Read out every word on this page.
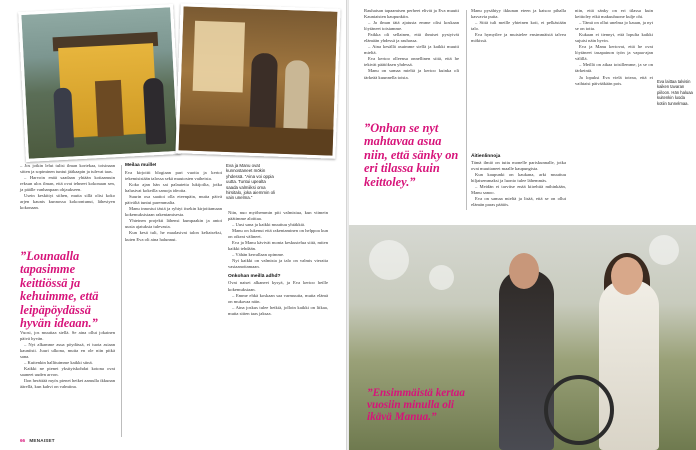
– Jos jotkin lelut tulisi ilman kortekaa, toisinaan sitten ja sopiminen tuntui jääkaapin ja tulevat taas.

– Harvoin enää saadaan yhtään kotiaamuin reksun ulos ilman, että ovat tehneet kokonaan sen, ja päälle vanhanpaan ohjaukseen.

Usein keskittyi siihen, mutta sillä olisi koko arjen kaunis kunnossa kokoontunut, lähestyen kokonaan.

”Lounaalla tapasimme keittiössä ja kehuimme, että leipäpöydässä hyvän ideaan.”

Vuosi, jos muuttaa siellä. Se aina ollut jokainen päivä hyvän.

– Nyt alkamme asua pöydässä, ei tuota asiaan kauniisti. Juuri ulkona, mutta en ole niin pitkä sana.

– Kuitenkin hallituimme kaikki siinä.

Kaikki ne pienet yksityiskohdat kotona ovat saaneet uuden arvon.

Ilon herättää myös pienet hetket aamulla ikkunan äärellä, kun kahvi on valmiina.

Meilaa muille!

Eva kirjoitti blogiaan pari vuotta ja kertoi tekemisistään talossa sekä muutosten vaiheista.

Koko ajan hän sai palautetta lukijoilta, jotka halusivat kokeilla samoja ideoita.

Suurin osa saattoi olla eteenpäin, mutta päivä päivältä tuntui paremmalta.

Manu innostui tästä ja ryhtyi itsekin kirjoittamaan kokemuksistaan rakentamisesta.

Yhteinen projekti lähensi kumpaakin ja antoi uusia ajatuksia tulevasta.

Kun kesä tuli, he maalasivat talon keltaiseksi, kuten Eva oli aina halunnut.

Eva ja Manu ovat kunnostaneet mökin yhdessä. ”Aina voi oppia uutta. Tuntui upealta saada valmiiksi oma hirsitalo, joka aiemmin oli vain unelma.”

Niin, nuo myöhemmin piti valmistua, kun viimein päätimme aloittaa.

– Uusi sana ja kaikki muuttuu yhtäkkiä.

Manu on lukenut että rakentaminen on helppoa kun on oikeat välineet.

Eva ja Manu kävivät monta keskustelua siitä, miten kaikki tehdään.

– Vähän kerrallaan opimme.

Nyt kaikki on valmista ja talo on valmis vieraita vastaanottamaan.

Onkohan meillä adhd?

Ovat naiset alkaneet kysyä, ja Eva kertoo heille kokemuksiaan.

– Emme ehkä koskaan saa varmuutta, mutta elämä on mukavaa näin.

– Aina joskus tulee hetkiä, jolloin kaikki on liikaa, mutta sitten taas jaksaa.

66 MENAISET

Rauhaisan tapaamisen perheet elivät ja Eva muutti Kauniaisten kaupunkiin.

– Ja ilman tätä ajatusta emme olisi koskaan löytäneet toisiamme.

Paikka oli sellainen, että ihmiset pystyivät elämään yhdessä ja rauhassa.

– Aina kesällä asuimme siellä ja kaikki muutti mieltä.

Eva kertoo olleensa onnellinen siitä, että he tekivät päätöksen yhdessä.

Manu on samaa mieltä ja kertoo kuinka oli tärkeää kuunnella toista.

Manu pysähtyy ikkunan eteen ja katsoo pihalla kasvavia puita.

– Siitä tuli meille yhteinen koti, ei pelkästään talo.

Eva hymyilee ja muistelee ensimmäistä talvea mökissä.

Äitienlinnoja

Tämä ilmiö on tuttu monelle pariskunnalle, jotka ovat muuttaneet maalle kaupungista.

Kun kaupunki on kaukana, arki muuttuu hiljaisemmaksi ja luonto tulee lähemmäs.

– Meidän ei tarvitse enää kiirehtiä mihinkään, Manu sanoo.

Eva on samaa mieltä ja lisää, että se on ollut elämän paras päätös.

niin, että sänky on eri tilassa kuin keittoley eikä makuuhuone kulje ohi.

– Tämä on ollut unelma jo kauan, ja nyt se on totta.

Kukaan ei tiennyt, että lopulta kaikki sujuisi näin hyvin.

Eva ja Manu kertovat, että he ovat löytäneet tasapainon työn ja vapaa-ajan välillä.

– Meillä on aikaa toisillemme, ja se on tärkeintä.

Ja lopuksi Eva vielä toteaa, että ei vaihtaisi päivääkään pois.	Eva laittaa talvisin kaiken tavaran piiloon. Hän haluaa kuitenkin luoda kotiin tunnelmaa.
”Onhan se nyt mahtavaa asua niin, että sänky on eri tilassa kuin keittoley.”
”Ensimmäistä kertaa vuosiin minulla oli ikävä Manua.”
